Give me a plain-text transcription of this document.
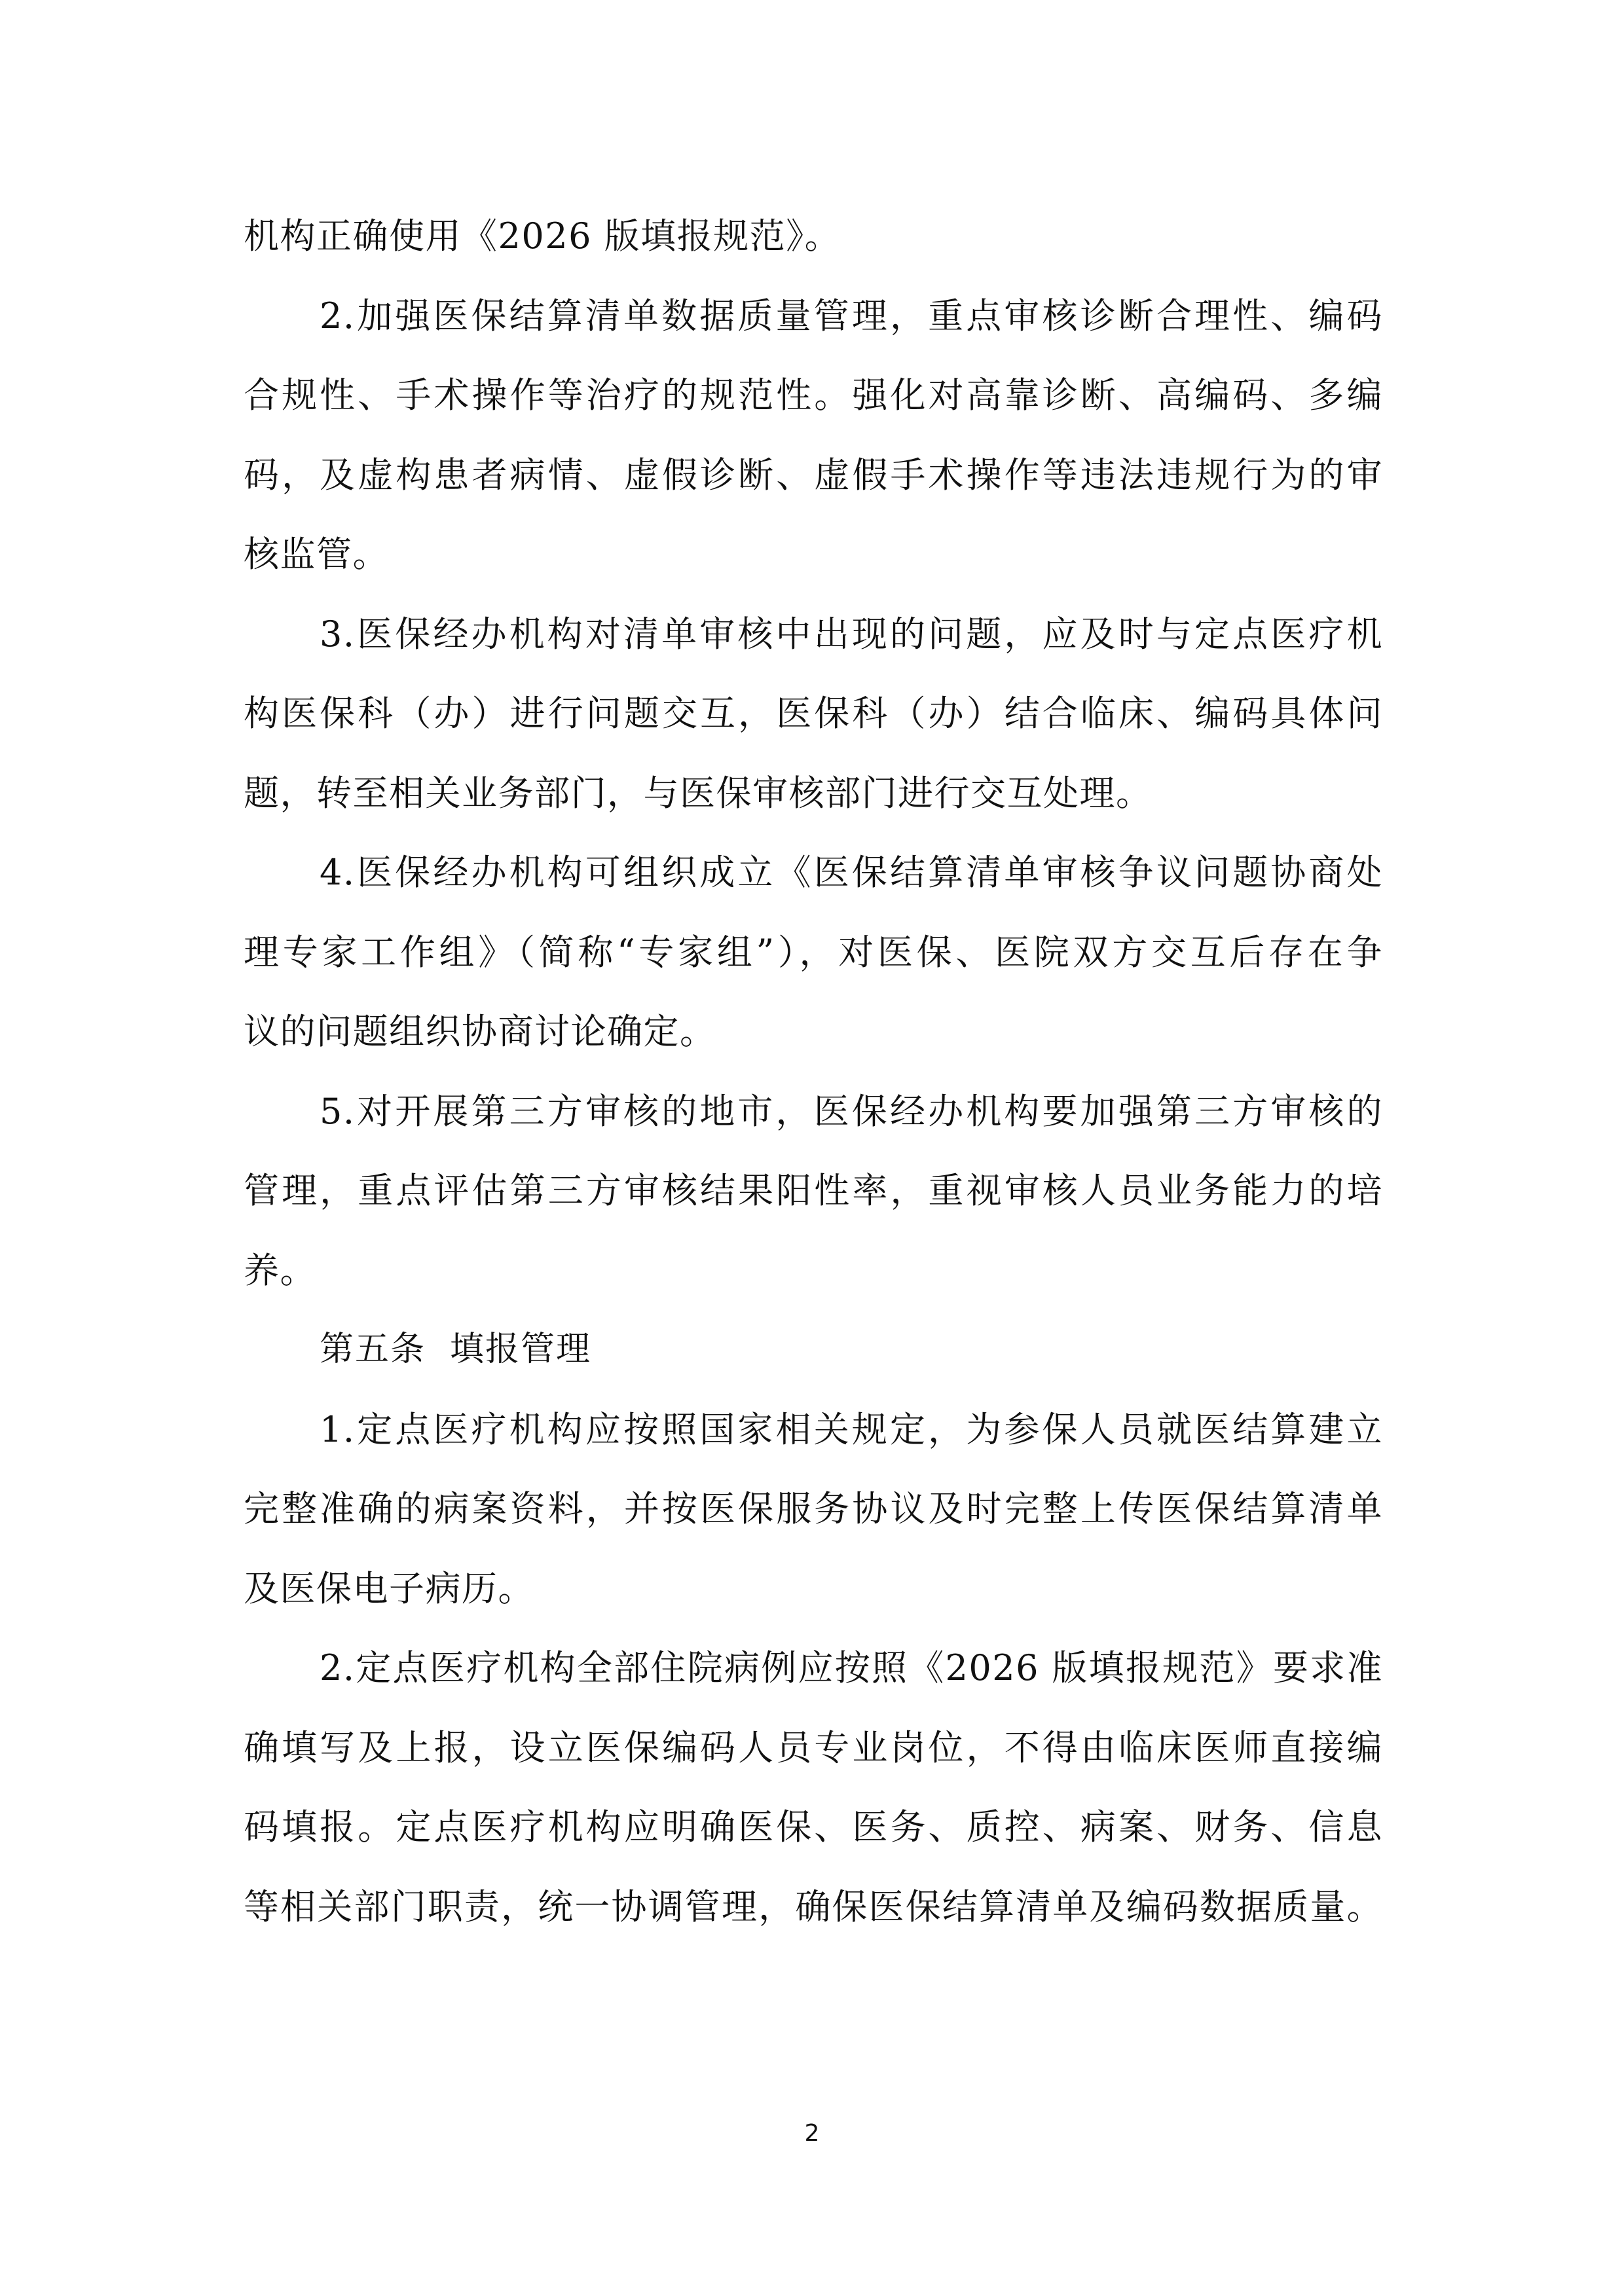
机构正确使用《2026 版填报规范》。
2.加强医保结算清单数据质量管理，重点审核诊断合理性、编码
合规性、手术操作等治疗的规范性。强化对高靠诊断、高编码、多编
码，及虚构患者病情、虚假诊断、虚假手术操作等违法违规行为的审
核监管。
3.医保经办机构对清单审核中出现的问题，应及时与定点医疗机
构医保科（办）进行问题交互，医保科（办）结合临床、编码具体问
题，转至相关业务部门，与医保审核部门进行交互处理。
4.医保经办机构可组织成立《医保结算清单审核争议问题协商处
理专家工作组》（简称“专家组”），对医保、医院双方交互后存在争
议的问题组织协商讨论确定。
5.对开展第三方审核的地市，医保经办机构要加强第三方审核的
管理，重点评估第三方审核结果阳性率，重视审核人员业务能力的培
养。
第五条  填报管理
1.定点医疗机构应按照国家相关规定，为参保人员就医结算建立
完整准确的病案资料，并按医保服务协议及时完整上传医保结算清单
及医保电子病历。
2.定点医疗机构全部住院病例应按照《2026 版填报规范》要求准
确填写及上报，设立医保编码人员专业岗位，不得由临床医师直接编
码填报。定点医疗机构应明确医保、医务、质控、病案、财务、信息
等相关部门职责，统一协调管理，确保医保结算清单及编码数据质量。
2
